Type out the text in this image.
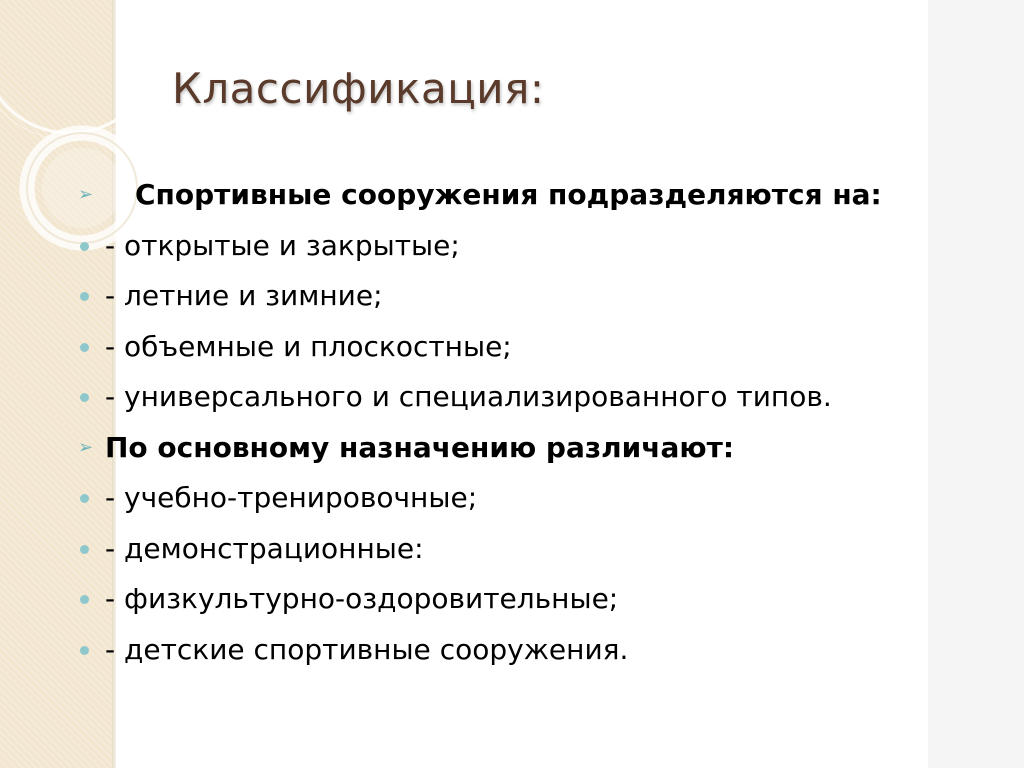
Классификация:
➢ Спортивные сооружения подразделяются на:
- открытые и закрытые;
- летние и зимние;
- объемные и плоскостные;
- универсального и специализированного типов.
➢ По основному назначению различают:
- учебно-тренировочные;
- демонстрационные:
- физкультурно-оздоровительные;
- детские спортивные сооружения.
